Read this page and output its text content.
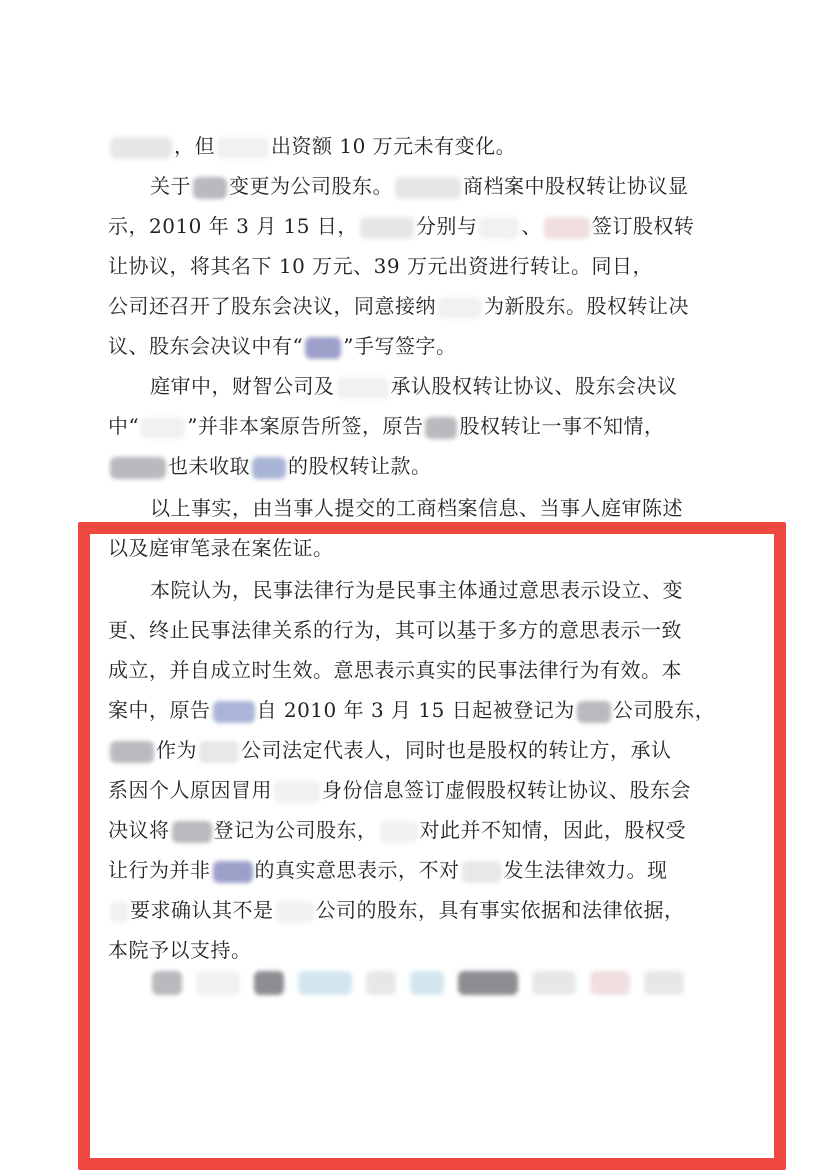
，但	出资额 10 万元未有变化。
关于 变更为公司股东。	商档案中股权转让协议显
示，2010 年 3 月 15 日，	分别与 、	签订股权转
让协议，将其名下 10 万元、39 万元出资进行转让。同日，
公司还召开了股东会决议，同意接纳 为新股东。股权转让决
议、股东会决议中有“ ”手写签字。
庭审中，财智公司及	承认股权转让协议、股东会决议
中“ ”并非本案原告所签，原告 股权转让一事不知情，
也未收取 的股权转让款。
以上事实，由当事人提交的工商档案信息、当事人庭审陈述
以及庭审笔录在案佐证。
本院认为，民事法律行为是民事主体通过意思表示设立、变
更、终止民事法律关系的行为，其可以基于多方的意思表示一致
成立，并自成立时生效。意思表示真实的民事法律行为有效。本
案中，原告 自 2010 年 3 月 15 日起被登记为 公司股东，
作为 公司法定代表人，同时也是股权的转让方，承认
系因个人原因冒用	身份信息签订虚假股权转让协议、股东会
决议将 登记为公司股东， 对此并不知情，因此，股权受
让行为并非 的真实意思表示，不对 发生法律效力。现
要求确认其不是 公司的股东，具有事实依据和法律依据，
本院予以支持。
